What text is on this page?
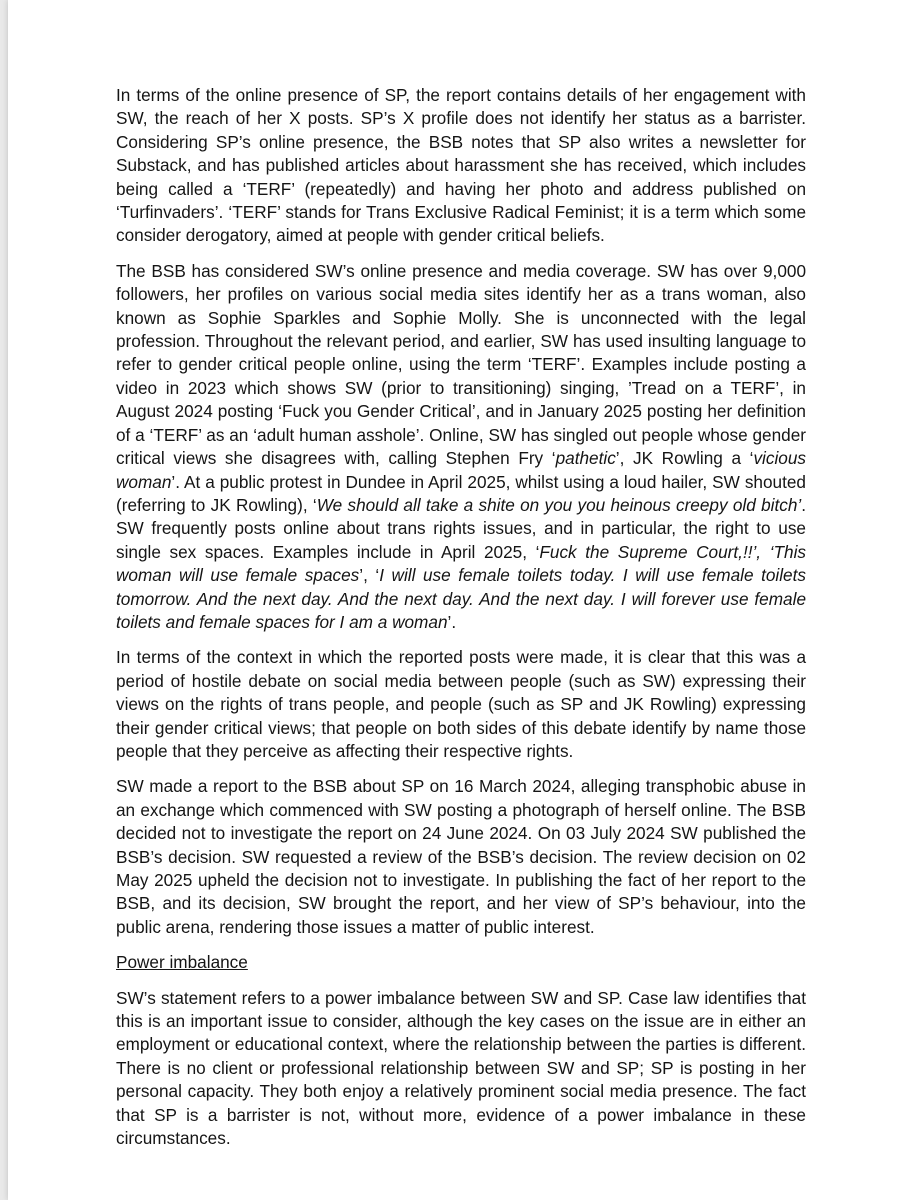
In terms of the online presence of SP, the report contains details of her engagement with SW, the reach of her X posts. SP’s X profile does not identify her status as a barrister. Considering SP’s online presence, the BSB notes that SP also writes a newsletter for Substack, and has published articles about harassment she has received, which includes being called a ‘TERF’ (repeatedly) and having her photo and address published on ‘Turfinvaders’. ‘TERF’ stands for Trans Exclusive Radical Feminist; it is a term which some consider derogatory, aimed at people with gender critical beliefs.

The BSB has considered SW’s online presence and media coverage. SW has over 9,000 followers, her profiles on various social media sites identify her as a trans woman, also known as Sophie Sparkles and Sophie Molly. She is unconnected with the legal profession. Throughout the relevant period, and earlier, SW has used insulting language to refer to gender critical people online, using the term ‘TERF’. Examples include posting a video in 2023 which shows SW (prior to transitioning) singing, ’Tread on a TERF’, in August 2024 posting ‘Fuck you Gender Critical’, and in January 2025 posting her definition of a ‘TERF’ as an ‘adult human asshole’. Online, SW has singled out people whose gender critical views she disagrees with, calling Stephen Fry ‘pathetic’, JK Rowling a ‘vicious woman’. At a public protest in Dundee in April 2025, whilst using a loud hailer, SW shouted (referring to JK Rowling), ‘We should all take a shite on you you heinous creepy old bitch’. SW frequently posts online about trans rights issues, and in particular, the right to use single sex spaces. Examples include in April 2025, ‘Fuck the Supreme Court,!!’, ‘This woman will use female spaces’, ‘I will use female toilets today. I will use female toilets tomorrow. And the next day. And the next day. And the next day. I will forever use female toilets and female spaces for I am a woman’.

In terms of the context in which the reported posts were made, it is clear that this was a period of hostile debate on social media between people (such as SW) expressing their views on the rights of trans people, and people (such as SP and JK Rowling) expressing their gender critical views; that people on both sides of this debate identify by name those people that they perceive as affecting their respective rights.

SW made a report to the BSB about SP on 16 March 2024, alleging transphobic abuse in an exchange which commenced with SW posting a photograph of herself online. The BSB decided not to investigate the report on 24 June 2024. On 03 July 2024 SW published the BSB’s decision. SW requested a review of the BSB’s decision. The review decision on 02 May 2025 upheld the decision not to investigate. In publishing the fact of her report to the BSB, and its decision, SW brought the report, and her view of SP’s behaviour, into the public arena, rendering those issues a matter of public interest.

Power imbalance

SW’s statement refers to a power imbalance between SW and SP. Case law identifies that this is an important issue to consider, although the key cases on the issue are in either an employment or educational context, where the relationship between the parties is different. There is no client or professional relationship between SW and SP; SP is posting in her personal capacity. They both enjoy a relatively prominent social media presence. The fact that SP is a barrister is not, without more, evidence of a power imbalance in these circumstances.
